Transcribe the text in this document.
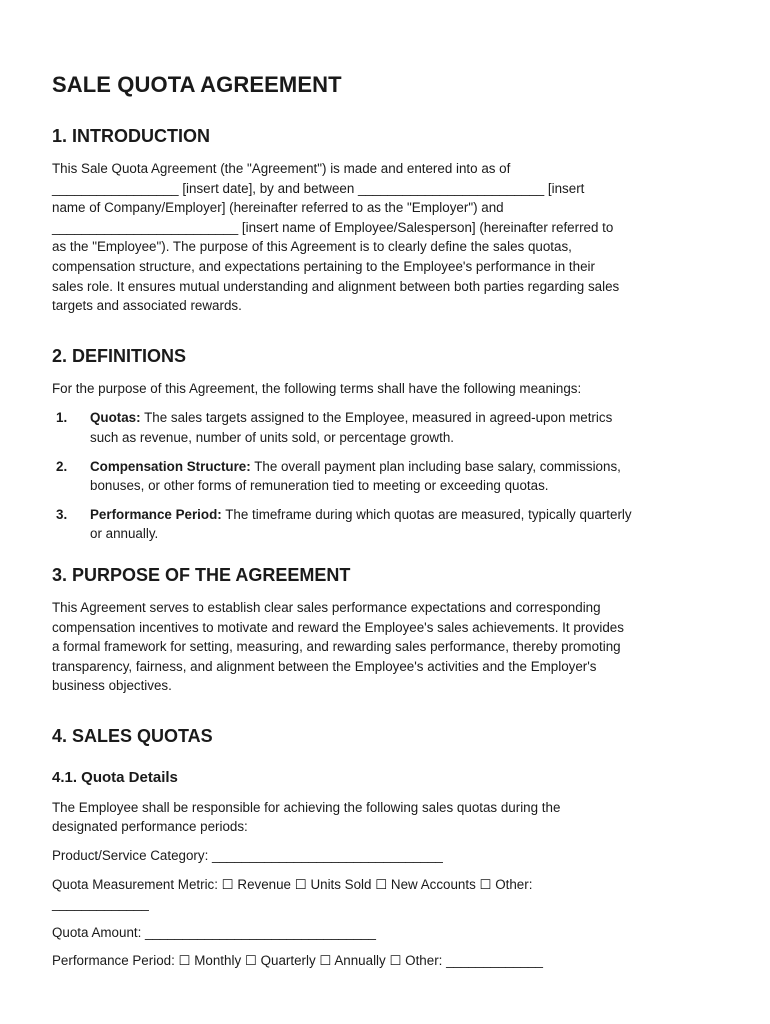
SALE QUOTA AGREEMENT
1. INTRODUCTION

This Sale Quota Agreement (the "Agreement") is made and entered into as of
_________________ [insert date], by and between _________________________ [insert
name of Company/Employer] (hereinafter referred to as the "Employer") and
_________________________ [insert name of Employee/Salesperson] (hereinafter referred to
as the "Employee"). The purpose of this Agreement is to clearly define the sales quotas,
compensation structure, and expectations pertaining to the Employee's performance in their
sales role. It ensures mutual understanding and alignment between both parties regarding sales
targets and associated rewards.

2. DEFINITIONS

For the purpose of this Agreement, the following terms shall have the following meanings:

1. Quotas: The sales targets assigned to the Employee, measured in agreed-upon metrics
such as revenue, number of units sold, or percentage growth.
2. Compensation Structure: The overall payment plan including base salary, commissions,
bonuses, or other forms of remuneration tied to meeting or exceeding quotas.
3. Performance Period: The timeframe during which quotas are measured, typically quarterly
or annually.
3. PURPOSE OF THE AGREEMENT

This Agreement serves to establish clear sales performance expectations and corresponding
compensation incentives to motivate and reward the Employee's sales achievements. It provides
a formal framework for setting, measuring, and rewarding sales performance, thereby promoting
transparency, fairness, and alignment between the Employee's activities and the Employer's
business objectives.

4. SALES QUOTAS
4.1. Quota Details

The Employee shall be responsible for achieving the following sales quotas during the
designated performance periods:

Product/Service Category: _______________________________

Quota Measurement Metric: ☐ Revenue ☐ Units Sold ☐ New Accounts ☐ Other:
_____________

Quota Amount: _______________________________

Performance Period: ☐ Monthly ☐ Quarterly ☐ Annually ☐ Other: _____________
